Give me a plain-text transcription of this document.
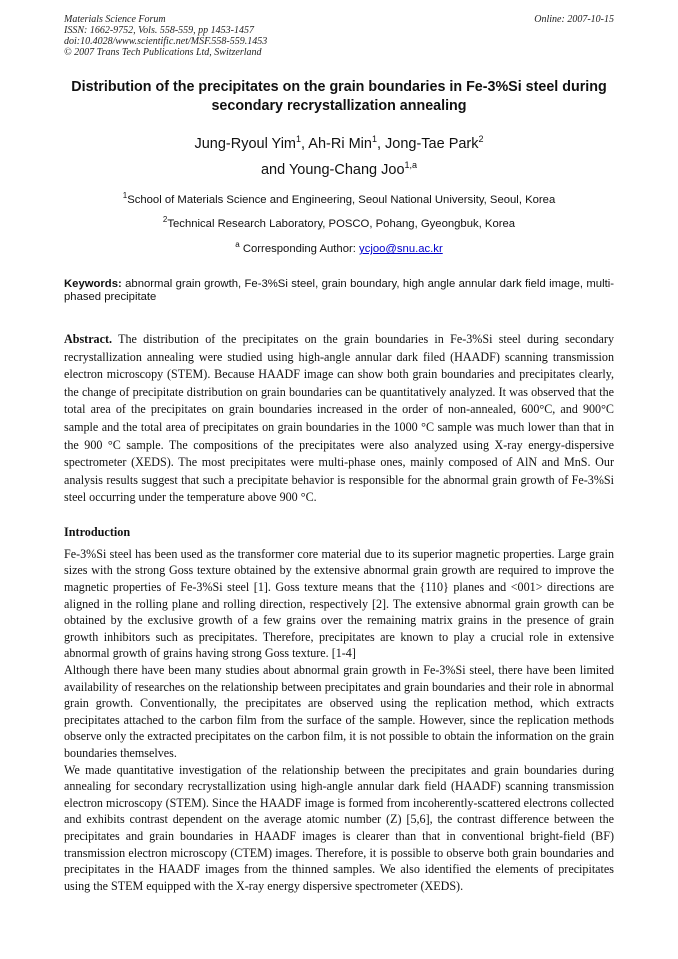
Materials Science Forum
ISSN: 1662-9752, Vols. 558-559, pp 1453-1457
doi:10.4028/www.scientific.net/MSF.558-559.1453
© 2007 Trans Tech Publications Ltd, Switzerland
Online: 2007-10-15
Distribution of the precipitates on the grain boundaries in Fe-3%Si steel during secondary recrystallization annealing
Jung-Ryoul Yim$^1$, Ah-Ri Min$^1$, Jong-Tae Park$^2$
and Young-Chang Joo$^{1,a}$
$^1$School of Materials Science and Engineering, Seoul National University, Seoul, Korea
$^2$Technical Research Laboratory, POSCO, Pohang, Gyeongbuk, Korea
$^a$ Corresponding Author: ycjoo@snu.ac.kr
Keywords: abnormal grain growth, Fe-3%Si steel, grain boundary, high angle annular dark field image, multi-phased precipitate
Abstract. The distribution of the precipitates on the grain boundaries in Fe-3%Si steel during secondary recrystallization annealing were studied using high-angle annular dark filed (HAADF) scanning transmission electron microscopy (STEM). Because HAADF image can show both grain boundaries and precipitates clearly, the change of precipitate distribution on grain boundaries can be quantitatively analyzed. It was observed that the total area of the precipitates on grain boundaries increased in the order of non-annealed, 600°C, and 900°C sample and the total area of precipitates on grain boundaries in the 1000 °C sample was much lower than that in the 900 °C sample. The compositions of the precipitates were also analyzed using X-ray energy-dispersive spectrometer (XEDS). The most precipitates were multi-phase ones, mainly composed of AlN and MnS. Our analysis results suggest that such a precipitate behavior is responsible for the abnormal grain growth of Fe-3%Si steel occurring under the temperature above 900 °C.
Introduction

Fe-3%Si steel has been used as the transformer core material due to its superior magnetic properties. Large grain sizes with the strong Goss texture obtained by the extensive abnormal grain growth are required to improve the magnetic properties of Fe-3%Si steel [1]. Goss texture means that the {110} planes and <001> directions are aligned in the rolling plane and rolling direction, respectively [2]. The extensive abnormal grain growth can be obtained by the exclusive growth of a few grains over the remaining matrix grains in the presence of grain growth inhibitors such as precipitates. Therefore, precipitates are known to play a crucial role in extensive abnormal growth of grains having strong Goss texture. [1-4]

Although there have been many studies about abnormal grain growth in Fe-3%Si steel, there have been limited availability of researches on the relationship between precipitates and grain boundaries and their role in abnormal grain growth. Conventionally, the precipitates are observed using the replication method, which extracts precipitates attached to the carbon film from the surface of the sample. However, since the replication methods observe only the extracted precipitates on the carbon film, it is not possible to obtain the information on the grain boundaries themselves.

We made quantitative investigation of the relationship between the precipitates and grain boundaries during annealing for secondary recrystallization using high-angle annular dark field (HAADF) scanning transmission electron microscopy (STEM). Since the HAADF image is formed from incoherently-scattered electrons collected and exhibits contrast dependent on the average atomic number (Z) [5,6], the contrast difference between the precipitates and grain boundaries in HAADF images is clearer than that in conventional bright-field (BF) transmission electron microscopy (CTEM) images. Therefore, it is possible to observe both grain boundaries and precipitates in the HAADF images from the thinned samples. We also identified the elements of precipitates using the STEM equipped with the X-ray energy dispersive spectrometer (XEDS).
